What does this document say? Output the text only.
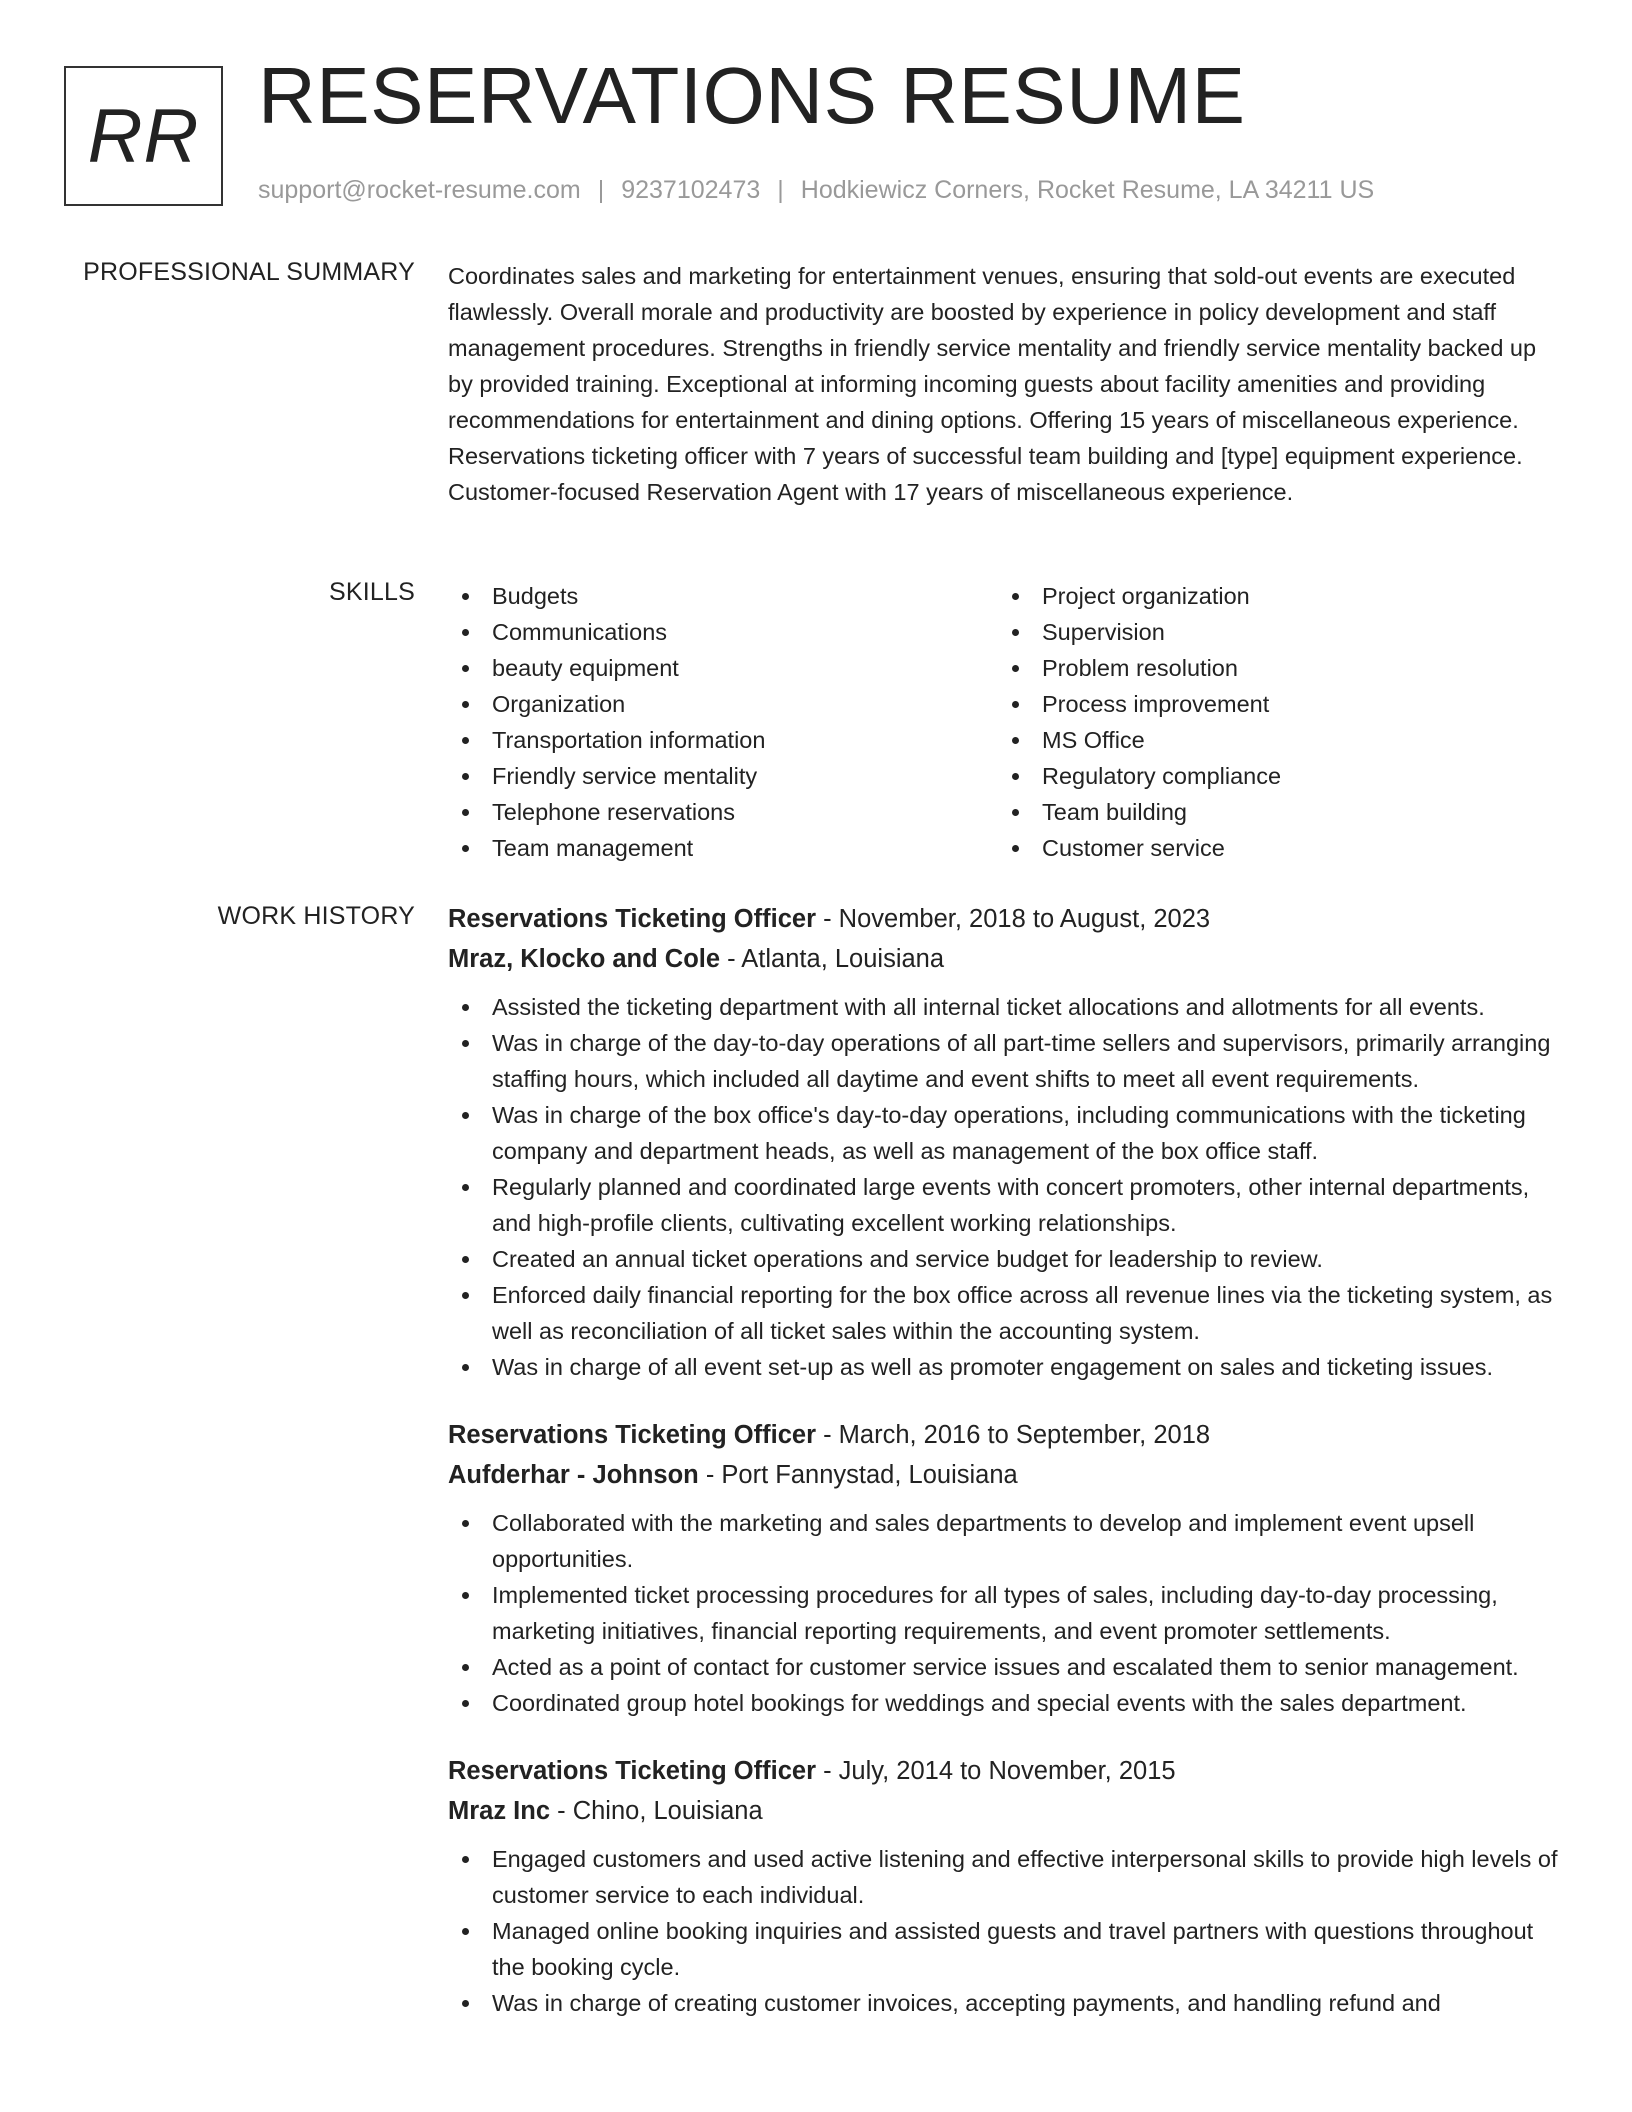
RR RESERVATIONS RESUME
support@rocket-resume.com | 9237102473 | Hodkiewicz Corners, Rocket Resume, LA 34211 US
PROFESSIONAL SUMMARY Coordinates sales and marketing for entertainment venues, ensuring that sold-out events are executed flawlessly. Overall morale and productivity are boosted by experience in policy development and staff management procedures. Strengths in friendly service mentality and friendly service mentality backed up by provided training. Exceptional at informing incoming guests about facility amenities and providing recommendations for entertainment and dining options. Offering 15 years of miscellaneous experience. Reservations ticketing officer with 7 years of successful team building and [type] equipment experience. Customer-focused Reservation Agent with 17 years of miscellaneous experience.

SKILLS	Budgets
Communications
beauty equipment
Organization
Transportation information
Friendly service mentality
Telephone reservations
Team management
Project organization
Supervision
Problem resolution
Process improvement
MS Office
Regulatory compliance
Team building
Customer service
WORK HISTORY Reservations Ticketing Officer - November, 2018 to August, 2023
Mraz, Klocko and Cole - Atlanta, Louisiana
Assisted the ticketing department with all internal ticket allocations and allotments for all events.
Was in charge of the day-to-day operations of all part-time sellers and supervisors, primarily arranging staffing hours, which included all daytime and event shifts to meet all event requirements.
Was in charge of the box office's day-to-day operations, including communications with the ticketing company and department heads, as well as management of the box office staff.
Regularly planned and coordinated large events with concert promoters, other internal departments, and high-profile clients, cultivating excellent working relationships.
Created an annual ticket operations and service budget for leadership to review.
Enforced daily financial reporting for the box office across all revenue lines via the ticketing system, as well as reconciliation of all ticket sales within the accounting system.
Was in charge of all event set-up as well as promoter engagement on sales and ticketing issues.
Reservations Ticketing Officer - March, 2016 to September, 2018
Aufderhar - Johnson - Port Fannystad, Louisiana
Collaborated with the marketing and sales departments to develop and implement event upsell opportunities.
Implemented ticket processing procedures for all types of sales, including day-to-day processing, marketing initiatives, financial reporting requirements, and event promoter settlements.
Acted as a point of contact for customer service issues and escalated them to senior management.
Coordinated group hotel bookings for weddings and special events with the sales department.
Reservations Ticketing Officer - July, 2014 to November, 2015
Mraz Inc - Chino, Louisiana
Engaged customers and used active listening and effective interpersonal skills to provide high levels of customer service to each individual.
Managed online booking inquiries and assisted guests and travel partners with questions throughout the booking cycle.
Was in charge of creating customer invoices, accepting payments, and handling refund and
